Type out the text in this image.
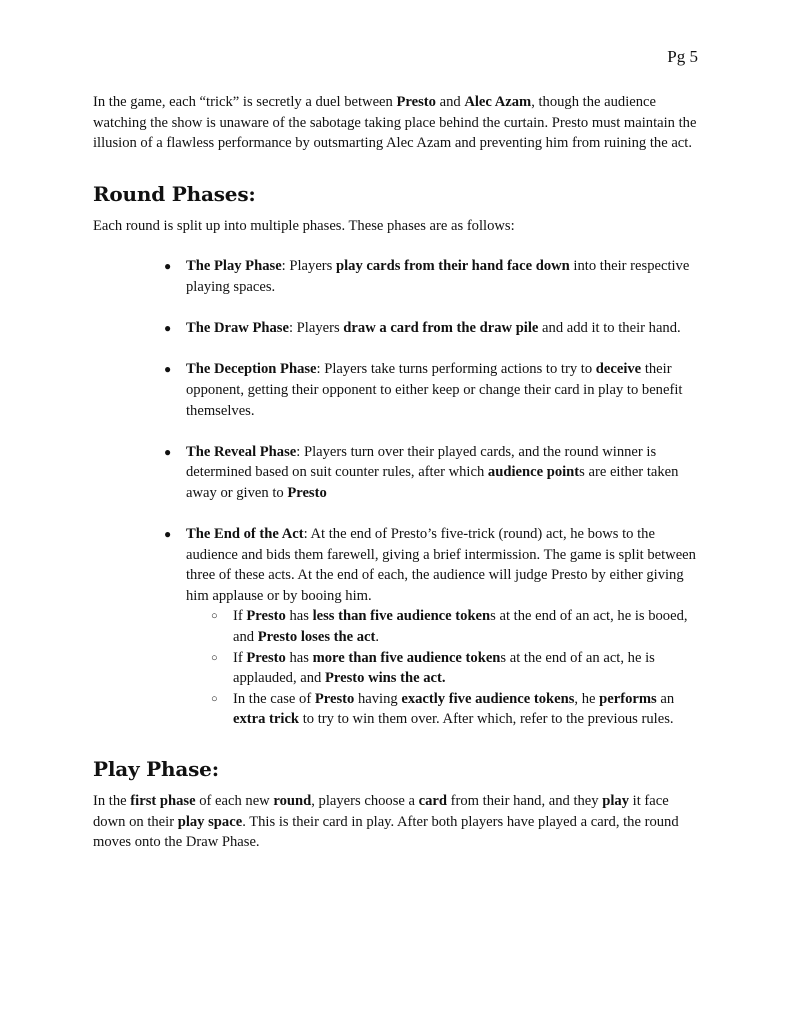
Pg 5

In the game, each “trick” is secretly a duel between Presto and Alec Azam, though the audience watching the show is unaware of the sabotage taking place behind the curtain. Presto must maintain the illusion of a flawless performance by outsmarting Alec Azam and preventing him from ruining the act.

Round Phases:

Each round is split up into multiple phases. These phases are as follows:

● The Play Phase: Players play cards from their hand face down into their respective playing spaces.
● The Draw Phase: Players draw a card from the draw pile and add it to their hand.
● The Deception Phase: Players take turns performing actions to try to deceive their opponent, getting their opponent to either keep or change their card in play to benefit themselves.
● The Reveal Phase: Players turn over their played cards, and the round winner is determined based on suit counter rules, after which audience points are either taken away or given to Presto
● The End of the Act: At the end of Presto’s five-trick (round) act, he bows to the audience and bids them farewell, giving a brief intermission. The game is split between three of these acts. At the end of each, the audience will judge Presto by either giving him applause or by booing him.
○ If Presto has less than five audience tokens at the end of an act, he is booed, and Presto loses the act.
○ If Presto has more than five audience tokens at the end of an act, he is applauded, and Presto wins the act.
○ In the case of Presto having exactly five audience tokens, he performs an extra trick to try to win them over. After which, refer to the previous rules.
Play Phase:

In the first phase of each new round, players choose a card from their hand, and they play it face down on their play space. This is their card in play. After both players have played a card, the round moves onto the Draw Phase.
